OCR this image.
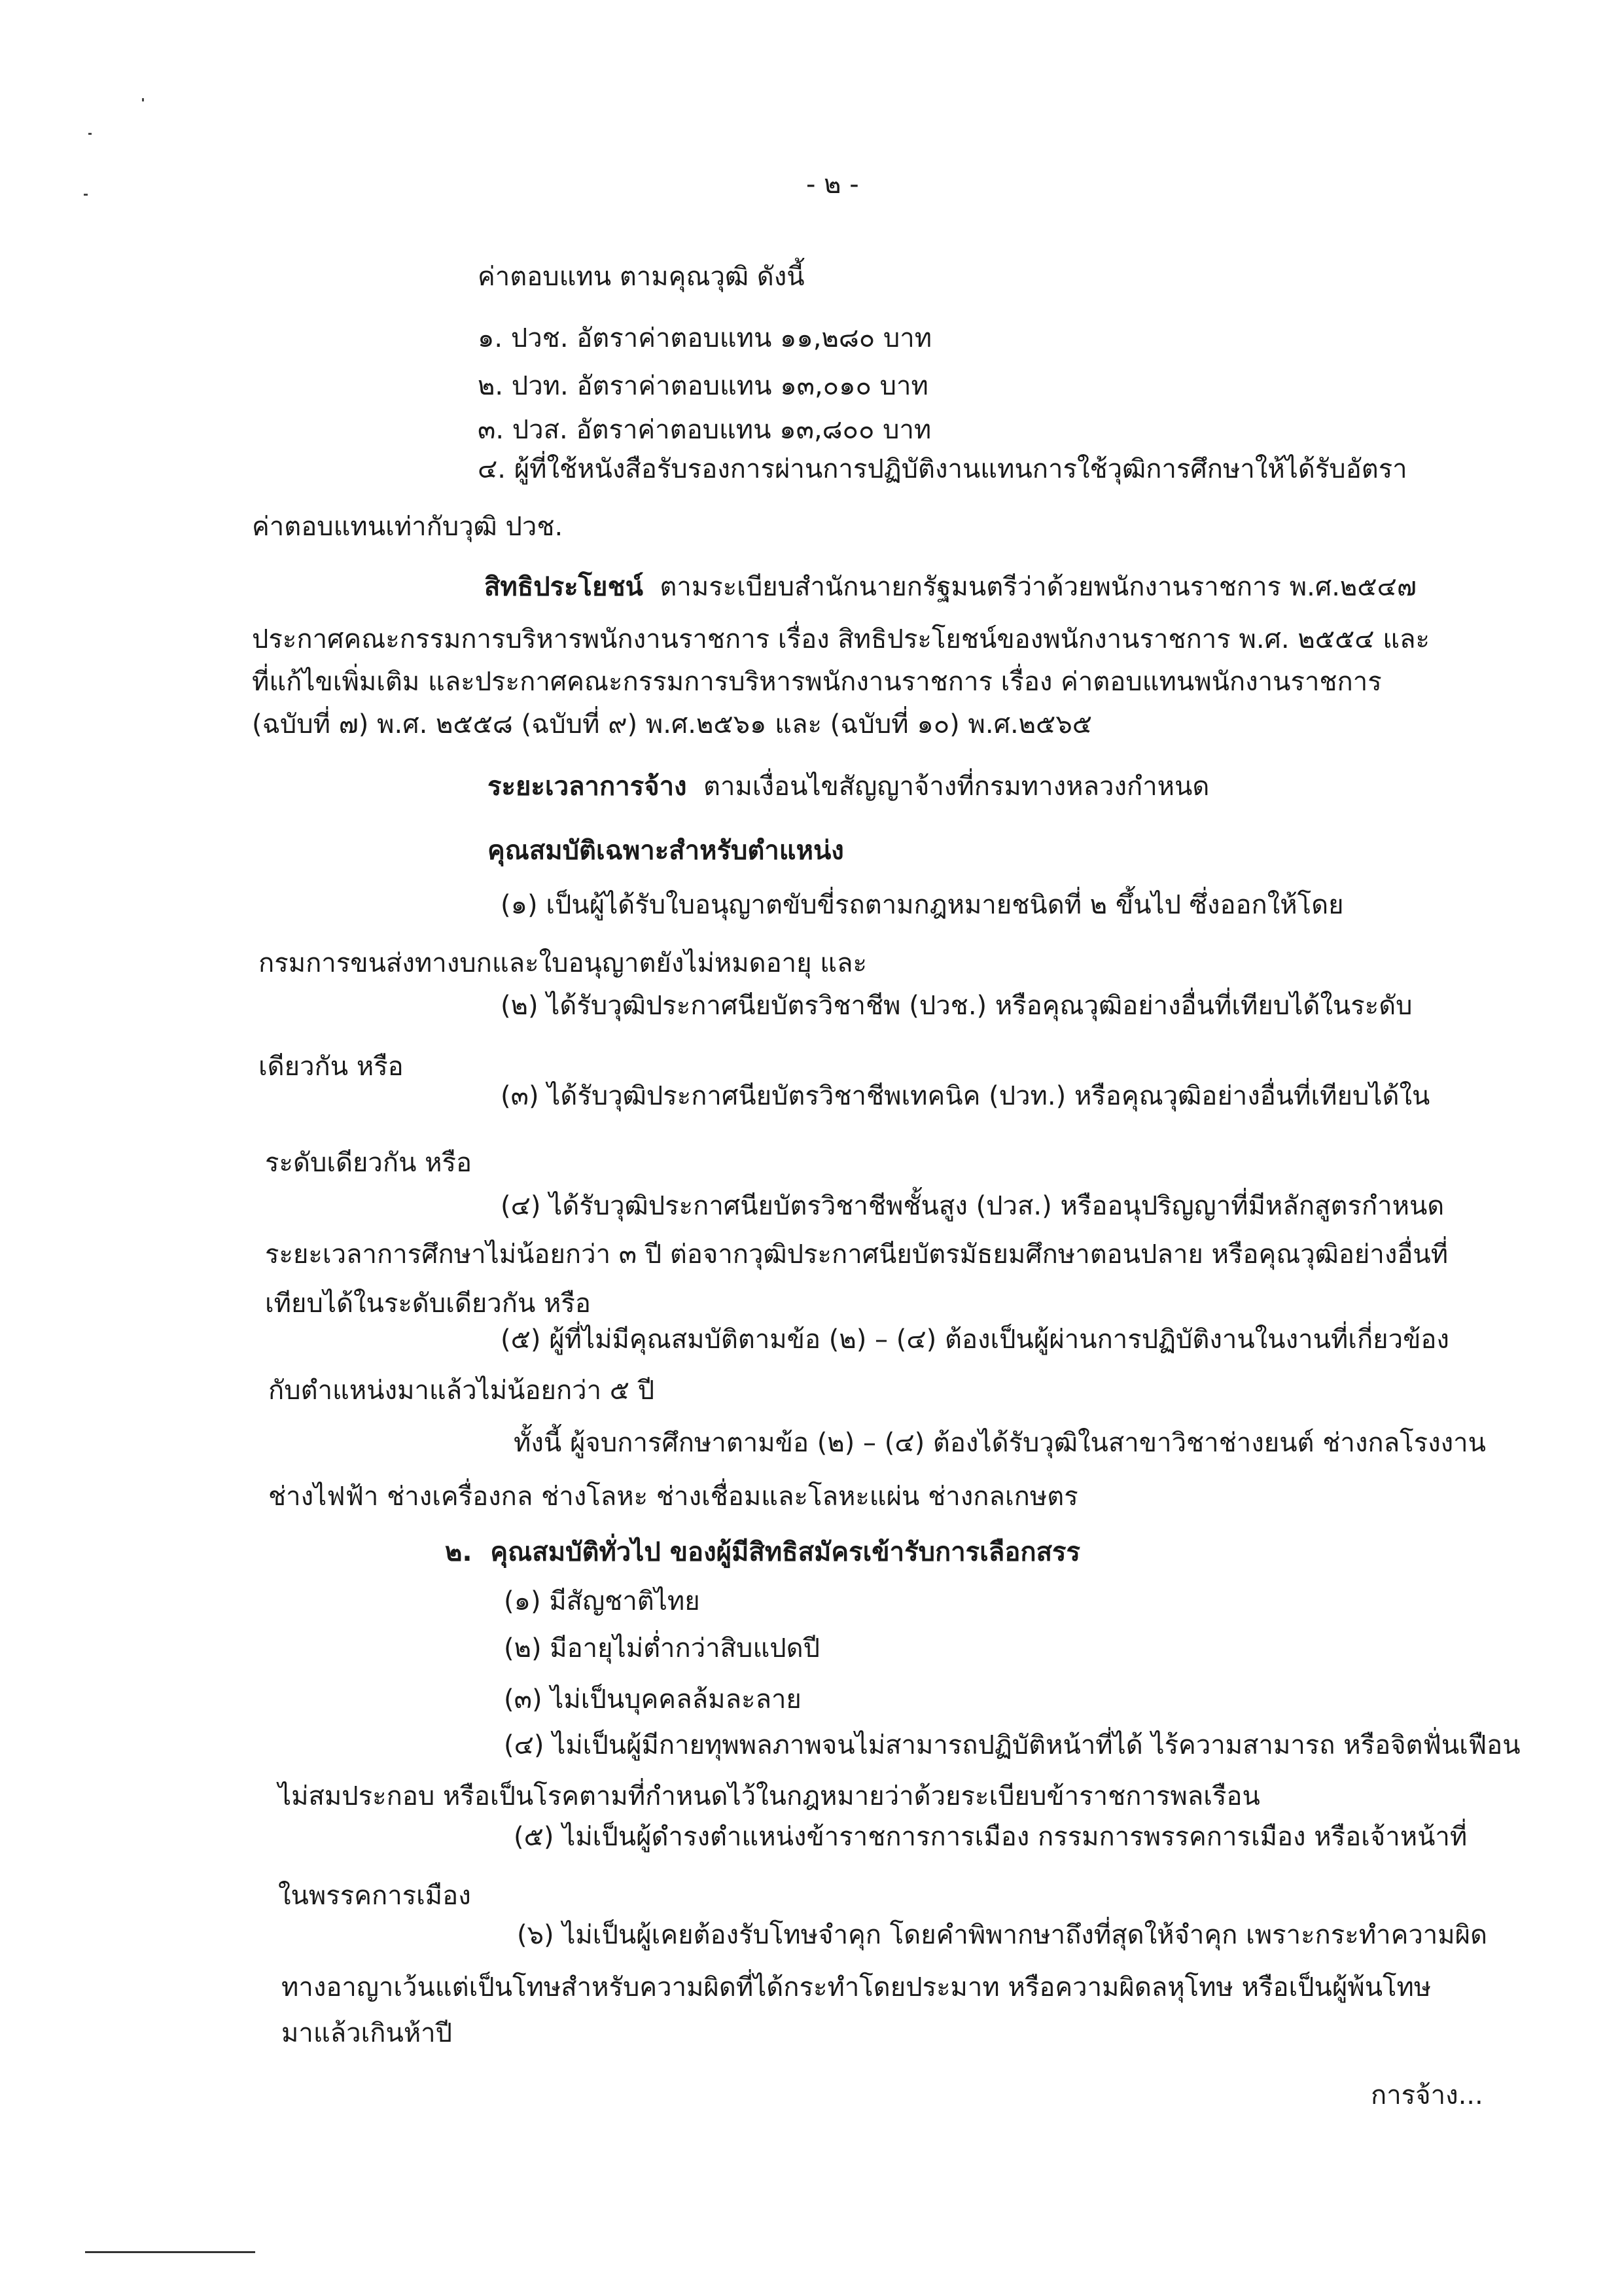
- ๒ -
ค่าตอบแทน ตามคุณวุฒิ ดังนี้
๑. ปวช. อัตราค่าตอบแทน ๑๑,๒๘๐ บาท
๒. ปวท. อัตราค่าตอบแทน ๑๓,๐๑๐ บาท
๓. ปวส. อัตราค่าตอบแทน ๑๓,๘๐๐ บาท
๔. ผู้ที่ใช้หนังสือรับรองการผ่านการปฏิบัติงานแทนการใช้วุฒิการศึกษาให้ได้รับอัตรา
ค่าตอบแทนเท่ากับวุฒิ ปวช.
สิทธิประโยชน์ ตามระเบียบสำนักนายกรัฐมนตรีว่าด้วยพนักงานราชการ พ.ศ.๒๕๔๗
ประกาศคณะกรรมการบริหารพนักงานราชการ เรื่อง สิทธิประโยชน์ของพนักงานราชการ พ.ศ. ๒๕๕๔ และ
ที่แก้ไขเพิ่มเติม และประกาศคณะกรรมการบริหารพนักงานราชการ เรื่อง ค่าตอบแทนพนักงานราชการ
(ฉบับที่ ๗) พ.ศ. ๒๕๕๘ (ฉบับที่ ๙) พ.ศ.๒๕๖๑ และ (ฉบับที่ ๑๐) พ.ศ.๒๕๖๕
ระยะเวลาการจ้าง ตามเงื่อนไขสัญญาจ้างที่กรมทางหลวงกำหนด
คุณสมบัติเฉพาะสำหรับตำแหน่ง
(๑) เป็นผู้ได้รับใบอนุญาตขับขี่รถตามกฎหมายชนิดที่ ๒ ขึ้นไป ซึ่งออกให้โดย
กรมการขนส่งทางบกและใบอนุญาตยังไม่หมดอายุ และ
(๒) ได้รับวุฒิประกาศนียบัตรวิชาชีพ (ปวช.) หรือคุณวุฒิอย่างอื่นที่เทียบได้ในระดับ
เดียวกัน หรือ
(๓) ได้รับวุฒิประกาศนียบัตรวิชาชีพเทคนิค (ปวท.) หรือคุณวุฒิอย่างอื่นที่เทียบได้ใน
ระดับเดียวกัน หรือ
(๔) ได้รับวุฒิประกาศนียบัตรวิชาชีพชั้นสูง (ปวส.) หรืออนุปริญญาที่มีหลักสูตรกำหนด
ระยะเวลาการศึกษาไม่น้อยกว่า ๓ ปี ต่อจากวุฒิประกาศนียบัตรมัธยมศึกษาตอนปลาย หรือคุณวุฒิอย่างอื่นที่
เทียบได้ในระดับเดียวกัน หรือ
(๕) ผู้ที่ไม่มีคุณสมบัติตามข้อ (๒) – (๔) ต้องเป็นผู้ผ่านการปฏิบัติงานในงานที่เกี่ยวข้อง
กับตำแหน่งมาแล้วไม่น้อยกว่า ๕ ปี
ทั้งนี้ ผู้จบการศึกษาตามข้อ (๒) – (๔) ต้องได้รับวุฒิในสาขาวิชาช่างยนต์ ช่างกลโรงงาน
ช่างไฟฟ้า ช่างเครื่องกล ช่างโลหะ ช่างเชื่อมและโลหะแผ่น ช่างกลเกษตร
๒. คุณสมบัติทั่วไป ของผู้มีสิทธิสมัครเข้ารับการเลือกสรร
(๑) มีสัญชาติไทย
(๒) มีอายุไม่ต่ำกว่าสิบแปดปี
(๓) ไม่เป็นบุคคลล้มละลาย
(๔) ไม่เป็นผู้มีกายทุพพลภาพจนไม่สามารถปฏิบัติหน้าที่ได้ ไร้ความสามารถ หรือจิตฟั่นเฟือน
ไม่สมประกอบ หรือเป็นโรคตามที่กำหนดไว้ในกฎหมายว่าด้วยระเบียบข้าราชการพลเรือน
(๕) ไม่เป็นผู้ดำรงตำแหน่งข้าราชการการเมือง กรรมการพรรคการเมือง หรือเจ้าหน้าที่
ในพรรคการเมือง
(๖) ไม่เป็นผู้เคยต้องรับโทษจำคุก โดยคำพิพากษาถึงที่สุดให้จำคุก เพราะกระทำความผิด
ทางอาญาเว้นแต่เป็นโทษสำหรับความผิดที่ได้กระทำโดยประมาท หรือความผิดลหุโทษ หรือเป็นผู้พ้นโทษ
มาแล้วเกินห้าปี
การจ้าง...
